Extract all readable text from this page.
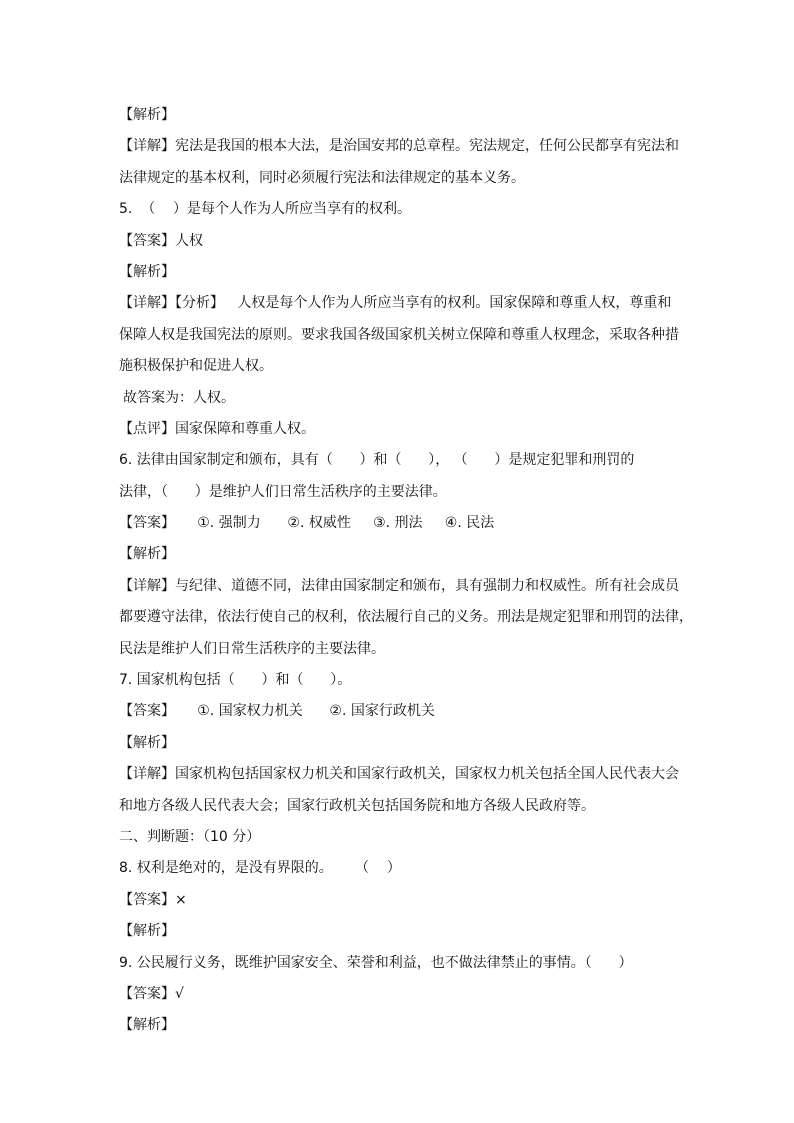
【解析】

【详解】宪法是我国的根本大法，是治国安邦的总章程。宪法规定，任何公民都享有宪法和

法律规定的基本权利，同时必须履行宪法和法律规定的基本义务。

5.  （    ）是每个人作为人所应当享有的权利。

【答案】人权

【解析】

【详解】【分析】   人权是每个人作为人所应当享有的权利。国家保障和尊重人权，尊重和

保障人权是我国宪法的原则。要求我国各级国家机关树立保障和尊重人权理念，采取各种措

施积极保护和促进人权。

故答案为：人权。

【点评】国家保障和尊重人权。

6. 法律由国家制定和颁布，具有（      ）和（      ）， （      ）是规定犯罪和刑罚的

法律，（      ）是维护人们日常生活秩序的主要法律。

【答案】     ①. 强制力      ②. 权威性     ③. 刑法     ④. 民法

【解析】

【详解】与纪律、道德不同，法律由国家制定和颁布，具有强制力和权威性。所有社会成员

都要遵守法律，依法行使自己的权利，依法履行自己的义务。刑法是规定犯罪和刑罚的法律，

民法是维护人们日常生活秩序的主要法律。

7. 国家机构包括（      ）和（      ）。

【答案】     ①. 国家权力机关      ②. 国家行政机关

【解析】

【详解】国家机构包括国家权力机关和国家行政机关，国家权力机关包括全国人民代表大会

和地方各级人民代表大会；国家行政机关包括国务院和地方各级人民政府等。

二、判断题：（10 分）

8. 权利是绝对的，是没有界限的。     （    ）

【答案】×

【解析】

9. 公民履行义务，既维护国家安全、荣誉和利益，也不做法律禁止的事情。（      ）

【答案】√

【解析】
